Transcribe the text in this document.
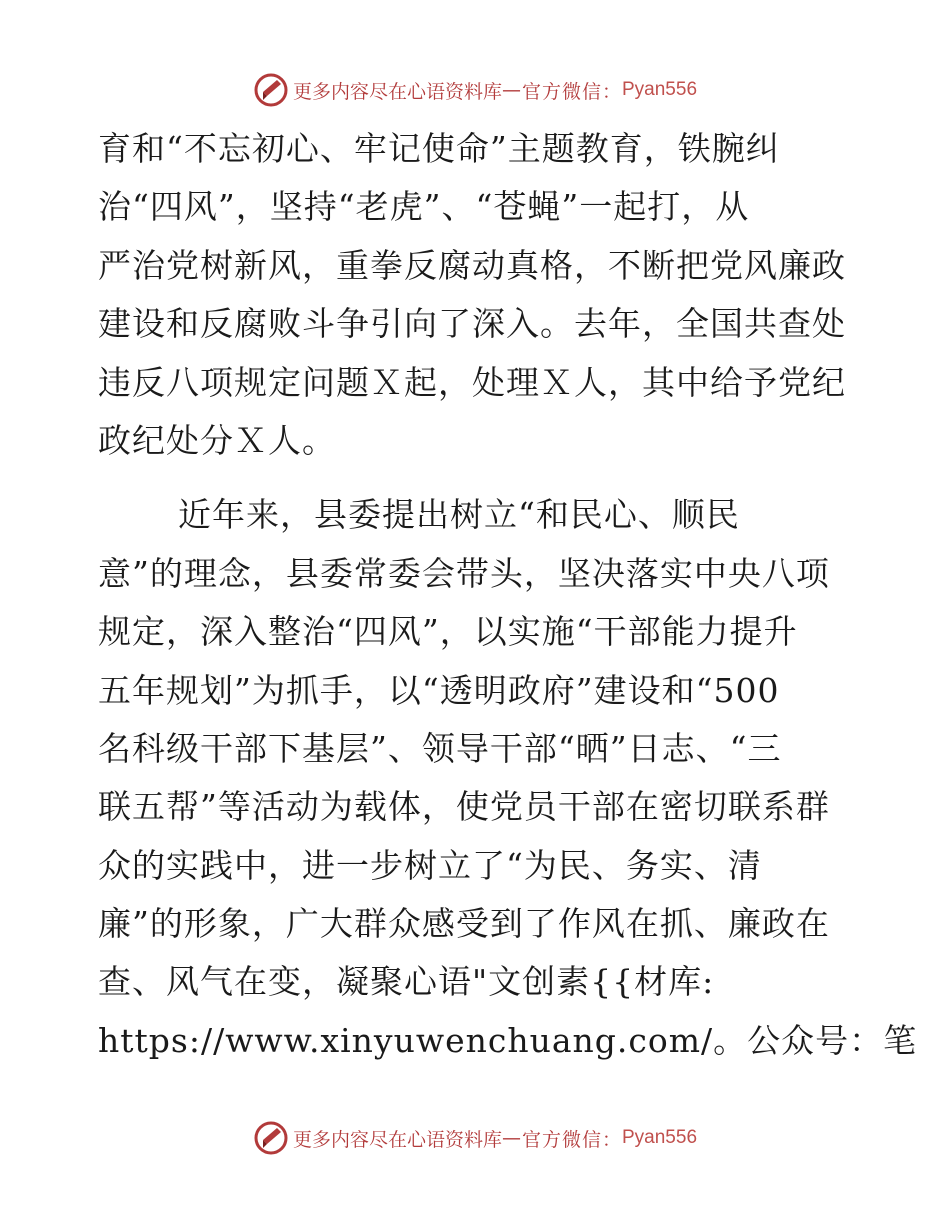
更多内容尽在心语资料库 — 官方微信： Pyan556
育和“不忘初心、牢记使命”主题教育，铁腕纠
治“四风”，坚持“老虎”、“苍蝇”一起打，从
严治党树新风，重拳反腐动真格，不断把党风廉政
建设和反腐败斗争引向了深入。去年，全国共查处
违反八项规定问题Ｘ起，处理Ｘ人，其中给予党纪
政纪处分Ｘ人。
近年来，县委提出树立“和民心、顺民
意”的理念，县委常委会带头，坚决落实中央八项
规定，深入整治“四风”，以实施“干部能力提升
五年规划”为抓手，以“透明政府”建设和“500
名科级干部下基层”、领导干部“晒”日志、“三
联五帮”等活动为载体，使党员干部在密切联系群
众的实践中，进一步树立了“为民、务实、清
廉”的形象，广大群众感受到了作风在抓、廉政在
查、风气在变，凝聚心语"文创素{{材库:
https://www.xinyuwenchuang.com/。公众号：笔
更多内容尽在心语资料库 — 官方微信： Pyan556
